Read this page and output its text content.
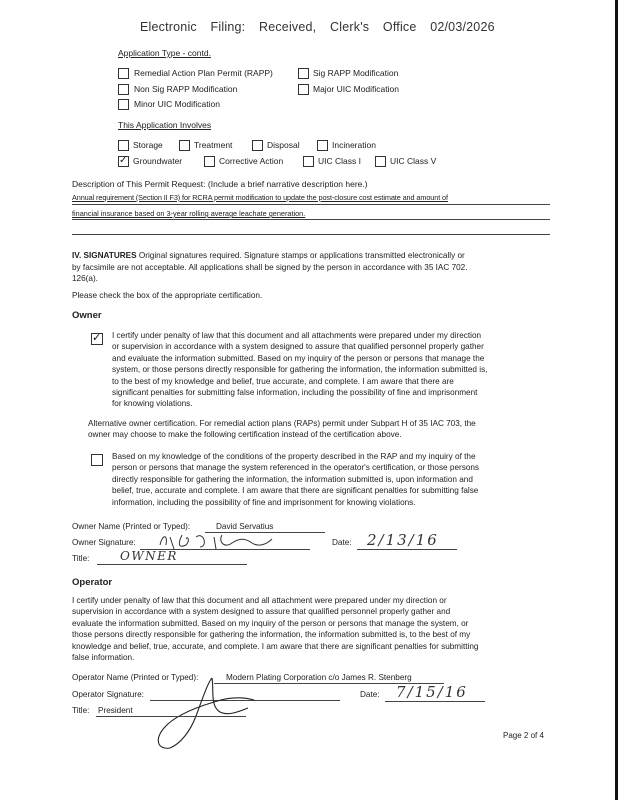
Electronic Filing: Received, Clerk's Office 02/03/2026
Application Type - contd.
Remedial Action Plan Permit (RAPP)	Sig RAPP Modification
Non Sig RAPP Modification	Major UIC Modification
Minor UIC Modification
This Application Involves
Storage	Treatment	Disposal	Incineration
✓ Groundwater	Corrective Action	UIC Class I	UIC Class V
Description of This Permit Request: (Include a brief narrative description here.)
Annual requirement (Section II F3) for RCRA permit modification to update the post-closure cost estimate and amount of
financial insurance based on 3-year rolling average leachate generation.
IV. SIGNATURES Original signatures required. Signature stamps or applications transmitted electronically or
by facsimile are not acceptable. All applications shall be signed by the person in accordance with 35 IAC 702.
126(a).
Please check the box of the appropriate certification.
Owner
✓ I certify under penalty of law that this document and all attachments were prepared under my direction
or supervision in accordance with a system designed to assure that qualified personnel properly gather
and evaluate the information submitted. Based on my inquiry of the person or persons that manage the
system, or those persons directly responsible for gathering the information, the information submitted is,
to the best of my knowledge and belief, true accurate, and complete. I am aware that there are
significant penalties for submitting false information, including the possibility of fine and imprisonment
for knowing violations.
Alternative owner certification. For remedial action plans (RAPs) permit under Subpart H of 35 IAC 703, the
owner may choose to make the following certification instead of the certification above.
Based on my knowledge of the conditions of the property described in the RAP and my inquiry of the
person or persons that manage the system referenced in the operator's certification, or those persons
directly responsible for gathering the information, the information submitted is, upon information and
belief, true, accurate and complete. I am aware that there are significant penalties for submitting false
information, including the possibility of fine and imprisonment for knowing violations.
Owner Name (Printed or Typed):	David Servatius
Owner Signature:	Date: 2/13/16
Title:	OWNER
Operator
I certify under penalty of law that this document and all attachment were prepared under my direction or
supervision in accordance with a system designed to assure that qualified personnel properly gather and
evaluate the information submitted. Based on my inquiry of the person or persons that manage the system, or
those persons directly responsible for gathering the information, the information submitted is, to the best of my
knowledge and belief, true, accurate, and complete. I am aware that there are significant penalties for submitting
false information.
Operator Name (Printed or Typed):	Modern Plating Corporation c/o James R. Stenberg
Operator Signature:	Date: 7/15/16
Title: President
Page 2 of 4
